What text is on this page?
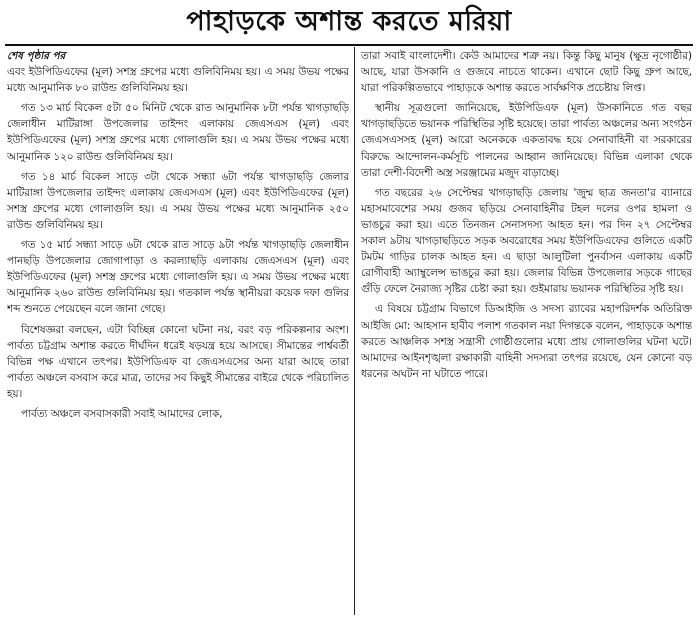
পাহাড়কে অশান্ত করতে মরিয়া
শেষ পৃষ্ঠার পর

এবং ইউপিডিএফের (মূল) সশস্ত্র গ্রুপের মধ্যে গুলিবিনিময় হয়। এ সময় উভয় পক্ষের মধ্যে আনুমানিক ৮০ রাউন্ড গুলিবিনিময় হয়।

গত ১৩ মার্চ বিকেল ৫টা ৫০ মিনিট থেকে রাত আনুমানিক ৮টা পর্যন্ত খাগড়াছড়ি জেলাধীন মাটিরাঙ্গা উপজেলার তাইন্দং এলাকায় জেএসএস (মূল) এবং ইউপিডিএফের (মূল) সশস্ত্র গ্রুপের মধ্যে গোলাগুলি হয়। এ সময় উভয় পক্ষের মধ্যে আনুমানিক ১২০ রাউন্ড গুলিবিনিময় হয়।

গত ১৪ মার্চ বিকেল সাড়ে ৩টা থেকে সন্ধ্যা ৬টা পর্যন্ত খাগড়াছড়ি জেলার মাটিরাঙ্গা উপজেলার তাইন্দং এলাকায় জেএসএস (মূল) এবং ইউপিডিএফের (মূল) সশস্ত্র গ্রুপের মধ্যে গোলাগুলি হয়। এ সময় উভয় পক্ষের মধ্যে আনুমানিক ২৫০ রাউন্ড গুলিবিনিময় হয়।

গত ১৫ মার্চ সন্ধ্যা সাড়ে ৬টা থেকে রাত সাড়ে ৯টা পর্যন্ত খাগড়াছড়ি জেলাধীন পানছড়ি উপজেলার জোগাপাড়া ও করল্যাছড়ি এলাকায় জেএসএস (মূল) এবং ইউপিডিএফের (মূল) সশস্ত্র গ্রুপের মধ্যে গোলাগুলি হয়। এ সময় উভয় পক্ষের মধ্যে আনুমানিক ২৬০ রাউন্ড গুলিবিনিময় হয়। গতকাল পর্যন্ত স্থানীয়রা কয়েক দফা গুলির শব্দ শুনতে পেয়েছেন বলে জানা গেছে।

বিশেষজ্ঞরা বলছেন, এটা বিচ্ছিন্ন কোনো ঘটনা নয়, বরং বড় পরিকল্পনার অংশ। পার্বত্য চট্টগ্রাম অশান্ত করতে দীর্ঘদিন ধরেই ষড়যন্ত্র হয়ে আসছে। সীমান্তের পার্শ্ববর্তী বিভিন্ন পক্ষ এখানে তৎপর। ইউপিডিএফ বা জেএসএসের অন্য যারা আছে তারা পার্বত্য অঞ্চলে বসবাস করে মাত্র, তাদের সব কিছুই সীমান্তের বাইরে থেকে পরিচালিত হয়।

পার্বত্য অঞ্চলে বসবাসকারী সবাই আমাদের লোক,

তারা সবাই বাংলাদেশী। কেউ আমাদের শত্রু নয়। কিন্তু কিছু মানুষ (ক্ষুদ্র নৃগোষ্ঠীর) আছে, যারা উসকানি ও গুজবে নাচতে থাকেন। এখানে ছোট কিছু গ্রুপ আছে, যারা পরিকল্পিতভাবে পাহাড়কে অশান্ত করতে সার্বক্ষণিক প্রচেষ্টায় লিপ্ত।

স্থানীয় সূত্রগুলো জানিয়েছে, ইউপিডিএফ (মূল) উসকানিতে গত বছর খাগড়াছড়িতে ভয়ানক পরিস্থিতির সৃষ্টি হয়েছে। তারা পার্বত্য অঞ্চলের অন্য সংগঠন জেএসএসসহ (মূল) আরো অনেককে একতাবদ্ধ হয়ে সেনাবাহিনী বা সরকারের বিরুদ্ধে আন্দোলন-কর্মসূচি পালনের আহ্বান জানিয়েছে। বিভিন্ন এলাকা থেকে তারা দেশী-বিদেশী অস্ত্র সরঞ্জামের মজুদ বাড়াচ্ছে।

গত বছরের ২৬ সেপ্টেম্বর খাগড়াছড়ি জেলায় 'জুম্ম ছাত্র জনতা'র ব্যানারে মহাসমাবেশের সময় গুজব ছড়িয়ে সেনাবাহিনীর টহল দলের ওপর হামলা ও ভাঙচুর করা হয়। এতে তিনজন সেনাসদস্য আহত হন। পর দিন ২৭ সেপ্টেম্বর সকাল ৯টায় খাগড়াছড়িতে সড়ক অবরোধের সময় ইউপিডিএফের গুলিতে একটি টমটম গাড়ির চালক আহত হন। এ ছাড়া আলুটিলা পুনর্বাসন এলাকায় একটি রোগীবাহী অ্যাম্বুলেন্স ভাঙচুর করা হয়। জেলার বিভিন্ন উপজেলার সড়কে গাছের গুঁড়ি ফেলে নৈরাজ্য সৃষ্টির চেষ্টা করা হয়। গুইমারায় ভয়ানক পরিস্থিতির সৃষ্টি হয়।

এ বিষয়ে চট্টগ্রাম বিভাগে ডিআইজি ও সদস্য র‌্যাবের মহাপরিদর্শক অতিরিক্ত আইজি মো: আহসান হাবীব পলাশ গতকাল নয়া দিগন্তকে বলেন, পাহাড়কে অশান্ত করতে আঞ্চলিক সশস্ত্র সন্ত্রাসী গোষ্ঠীগুলোর মধ্যে প্রায় গোলাগুলির ঘটনা ঘটে। আমাদের আইনশৃঙ্খলা রক্ষাকারী বাহিনী সদস্যরা তৎপর রয়েছে, যেন কোনো বড় ধরনের অঘটন না ঘটাতে পারে।
